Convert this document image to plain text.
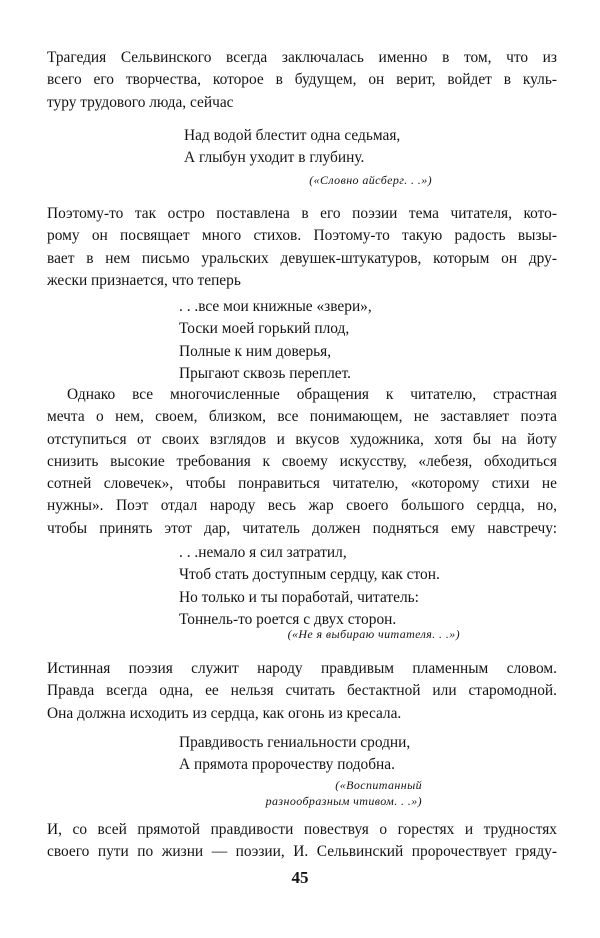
Трагедия Сельвинского всегда заключалась именно в том, что из
всего его творчества, которое в будущем, он верит, войдет в куль-
туру трудового люда, сейчас
Над водой блестит одна седьмая,
А глыбун уходит в глубину.
(«Словно айсберг. . .»)
Поэтому-то так остро поставлена в его поэзии тема читателя, кото-
рому он посвящает много стихов. Поэтому-то такую радость вызы-
вает в нем письмо уральских девушек-штукатуров, которым он дру-
жески признается, что теперь
. . .все мои книжные «звери»,
Тоски моей горький плод,
Полные к ним доверья,
Прыгают сквозь переплет.
Однако все многочисленные обращения к читателю, страстная
мечта о нем, своем, близком, все понимающем, не заставляет поэта
отступиться от своих взглядов и вкусов художника, хотя бы на йоту
снизить высокие требования к своему искусству, «лебезя, обходиться
сотней словечек», чтобы понравиться читателю, «которому стихи не
нужны». Поэт отдал народу весь жар своего большого сердца, но,
чтобы принять этот дар, читатель должен подняться ему навстречу:
. . .немало я сил затратил,
Чтоб стать доступным сердцу, как стон.
Но только и ты поработай, читатель:
Тоннель-то роется с двух сторон.
(«Не я выбираю читателя. . .»)
Истинная поэзия служит народу правдивым пламенным словом.
Правда всегда одна, ее нельзя считать бестактной или старомодной.
Она должна исходить из сердца, как огонь из кресала.
Правдивость гениальности сродни,
А прямота пророчеству подобна.
(«Воспитанный
разнообразным чтивом. . .»)
И, со всей прямотой правдивости повествуя о горестях и трудностях
своего пути по жизни — поэзии, И. Сельвинский пророчествует гряду-
45
